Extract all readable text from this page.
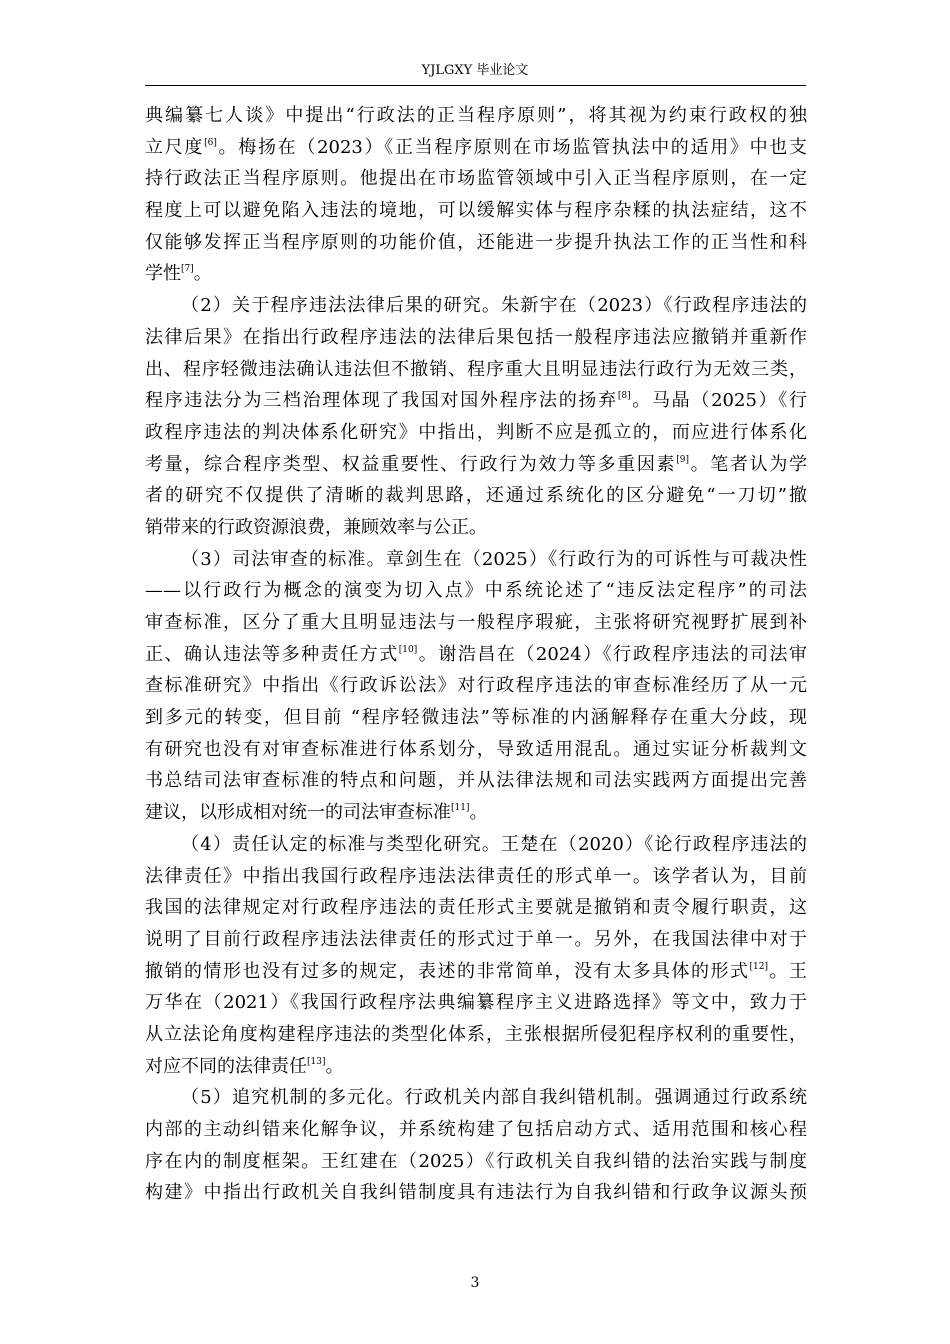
YJLGXY 毕业论文
典编纂七人谈》中提出“行政法的正当程序原则”，将其视为约束行政权的独
立尺度[6]。梅扬在（2023）《正当程序原则在市场监管执法中的适用》中也支
持行政法正当程序原则。他提出在市场监管领域中引入正当程序原则，在一定
程度上可以避免陷入违法的境地，可以缓解实体与程序杂糅的执法症结，这不
仅能够发挥正当程序原则的功能价值，还能进一步提升执法工作的正当性和科
学性[7]。
（2）关于程序违法法律后果的研究。朱新宇在（2023）《行政程序违法的
法律后果》在指出行政程序违法的法律后果包括一般程序违法应撤销并重新作
出、程序轻微违法确认违法但不撤销、程序重大且明显违法行政行为无效三类，
程序违法分为三档治理体现了我国对国外程序法的扬弃[8]。马晶（2025）《行
政程序违法的判决体系化研究》中指出，判断不应是孤立的，而应进行体系化
考量，综合程序类型、权益重要性、行政行为效力等多重因素[9]。笔者认为学
者的研究不仅提供了清晰的裁判思路，还通过系统化的区分避免“一刀切”撤
销带来的行政资源浪费，兼顾效率与公正。
（3）司法审查的标准。章剑生在（2025）《行政行为的可诉性与可裁决性
——以行政行为概念的演变为切入点》中系统论述了“违反法定程序”的司法
审查标准，区分了重大且明显违法与一般程序瑕疵，主张将研究视野扩展到补
正、确认违法等多种责任方式[10]。谢浩昌在（2024）《行政程序违法的司法审
查标准研究》中指出《行政诉讼法》对行政程序违法的审查标准经历了从一元
到多元的转变，但目前 “程序轻微违法”等标准的内涵解释存在重大分歧，现
有研究也没有对审查标准进行体系划分，导致适用混乱。通过实证分析裁判文
书总结司法审查标准的特点和问题，并从法律法规和司法实践两方面提出完善
建议，以形成相对统一的司法审查标准[11]。
（4）责任认定的标准与类型化研究。王楚在（2020）《论行政程序违法的
法律责任》中指出我国行政程序违法法律责任的形式单一。该学者认为，目前
我国的法律规定对行政程序违法的责任形式主要就是撤销和责令履行职责，这
说明了目前行政程序违法法律责任的形式过于单一。另外，在我国法律中对于
撤销的情形也没有过多的规定，表述的非常简单，没有太多具体的形式[12]。王
万华在（2021）《我国行政程序法典编纂程序主义进路选择》等文中，致力于
从立法论角度构建程序违法的类型化体系，主张根据所侵犯程序权利的重要性，
对应不同的法律责任[13]。
（5）追究机制的多元化。行政机关内部自我纠错机制。强调通过行政系统
内部的主动纠错来化解争议，并系统构建了包括启动方式、适用范围和核心程
序在内的制度框架。王红建在（2025）《行政机关自我纠错的法治实践与制度
构建》中指出行政机关自我纠错制度具有违法行为自我纠错和行政争议源头预
3
